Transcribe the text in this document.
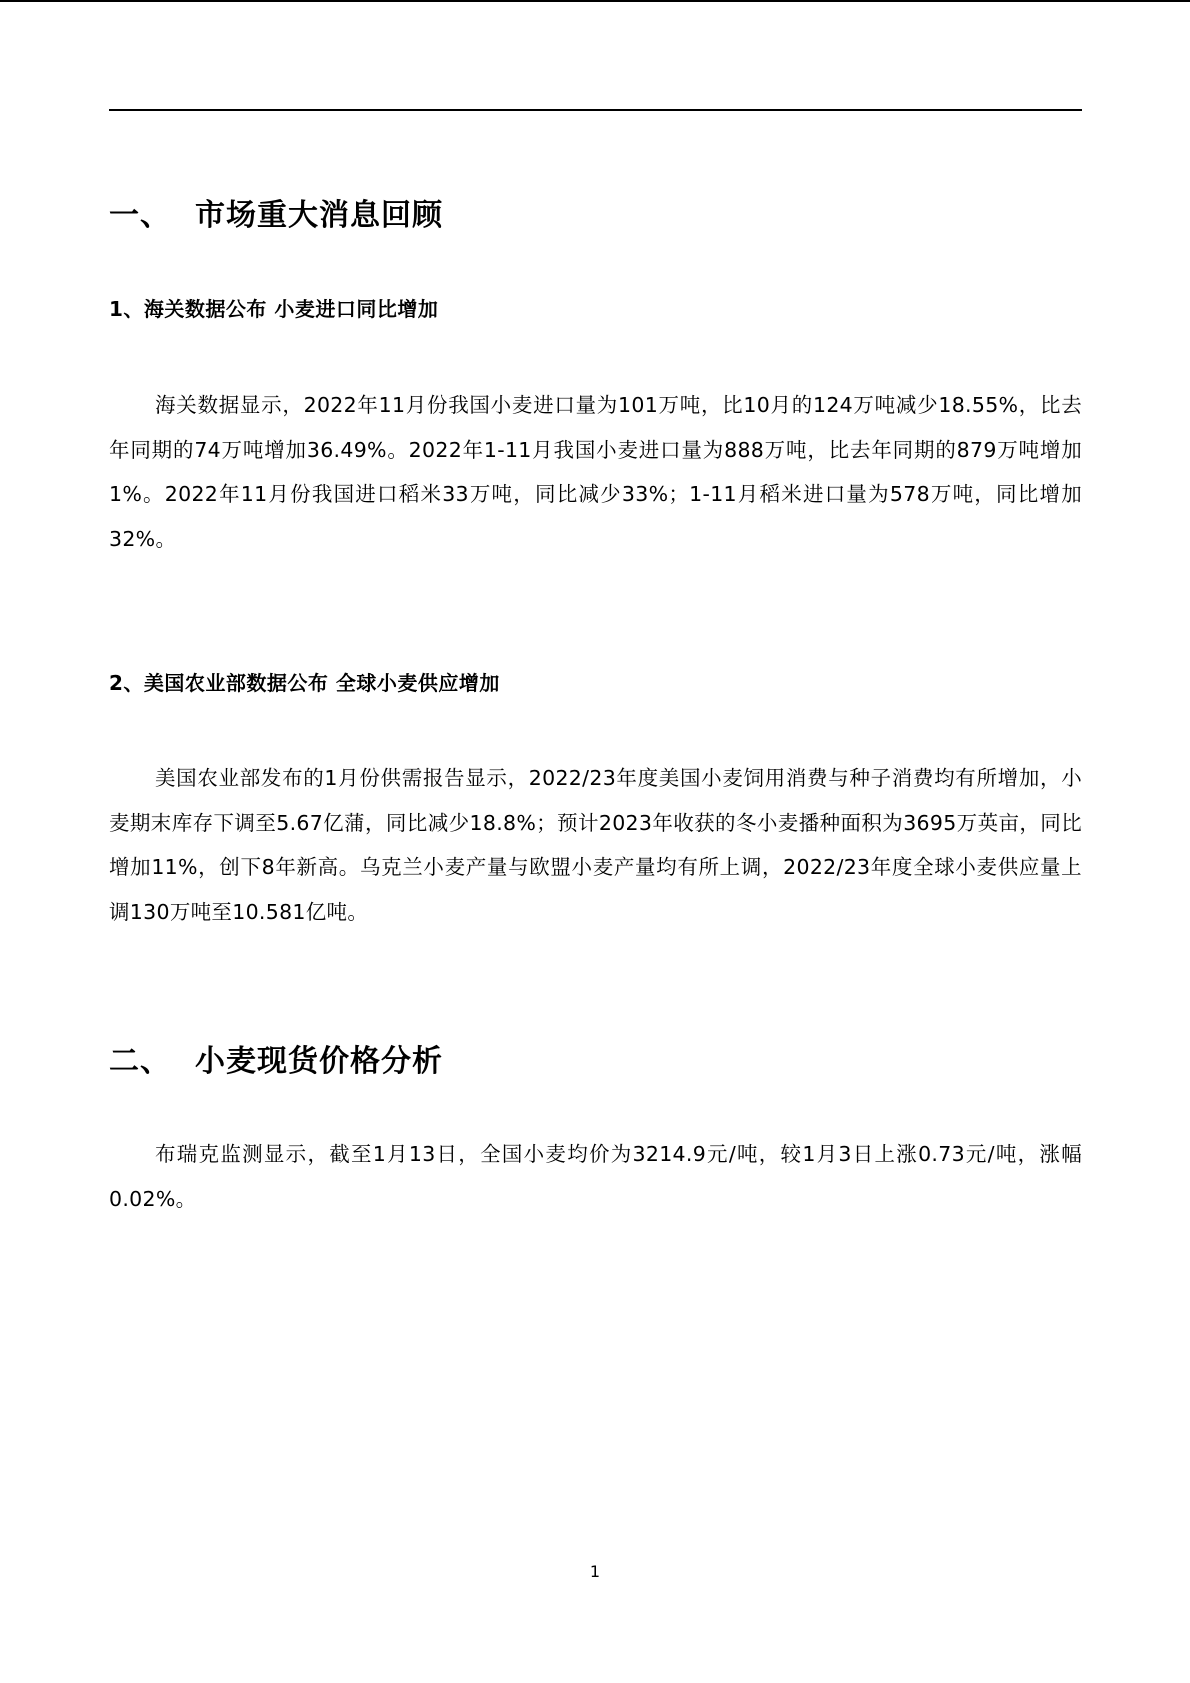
一、 市场重大消息回顾
1、海关数据公布 小麦进口同比增加

海关数据显示，2022年11月份我国小麦进口量为101万吨，比10月的124万吨减少18.55%，比去年同期的74万吨增加36.49%。2022年1-11月我国小麦进口量为888万吨，比去年同期的879万吨增加1%。2022年11月份我国进口稻米33万吨，同比减少33%；1-11月稻米进口量为578万吨，同比增加32%。

2、美国农业部数据公布 全球小麦供应增加

美国农业部发布的1月份供需报告显示，2022/23年度美国小麦饲用消费与种子消费均有所增加，小麦期末库存下调至5.67亿蒲，同比减少18.8%；预计2023年收获的冬小麦播种面积为3695万英亩，同比增加11%，创下8年新高。乌克兰小麦产量与欧盟小麦产量均有所上调，2022/23年度全球小麦供应量上调130万吨至10.581亿吨。

二、 小麦现货价格分析

布瑞克监测显示，截至1月13日，全国小麦均价为3214.9元/吨，较1月3日上涨0.73元/吨，涨幅0.02%。

1
